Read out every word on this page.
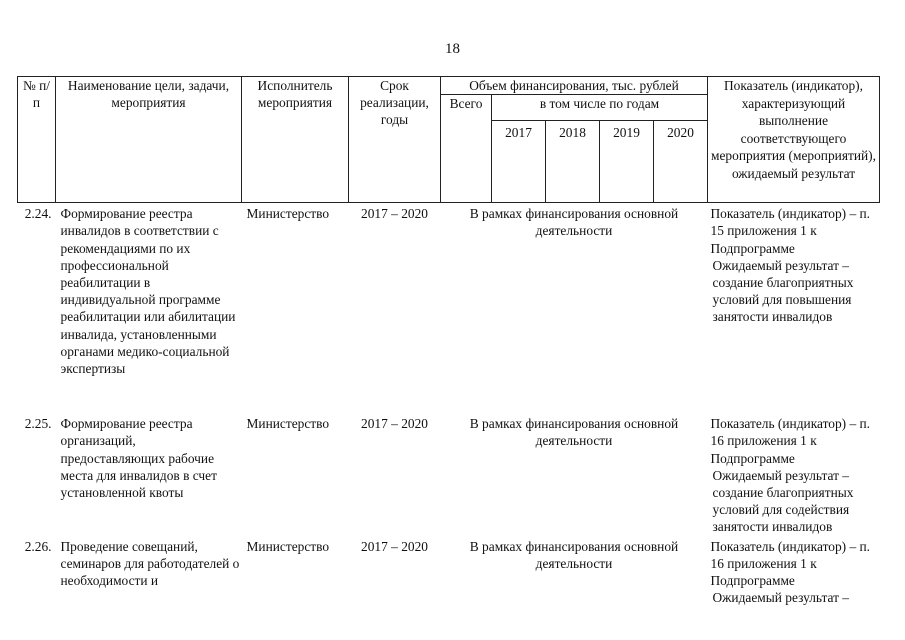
18
№ п/п	Наименование цели, задачи, мероприятия	Исполнитель мероприятия	Срок реализации, годы	Объем финансирования, тыс. рублей					Показатель (индикатор), характеризующий выполнение соответствующего мероприятия (мероприятий), ожидаемый результат
				Всего	в том числе по годам				
					2017	2018	2019	2020	
2.24.	Формирование реестра инвалидов в соответствии с рекомендациями по их профессиональной реабилитации в индивидуальной программе реабилитации или абилитации инвалида, установленными органами медико-социальной экспертизы	Министерство	2017 – 2020	В рамках финансирования основной деятельности					Показатель (индикатор) – п. 15 приложения 1 к Подпрограмме
Ожидаемый результат – создание благоприятных условий для повышения занятости инвалидов

2.25.	Формирование реестра организаций, предоставляющих рабочие места для инвалидов в счет установленной квоты	Министерство	2017 – 2020	В рамках финансирования основной деятельности					Показатель (индикатор) – п. 16 приложения 1 к Подпрограмме
Ожидаемый результат – создание благоприятных условий для содействия занятости инвалидов

2.26.	Проведение совещаний, семинаров для работодателей о необходимости и	Министерство	2017 – 2020	В рамках финансирования основной деятельности					Показатель (индикатор) – п. 16 приложения 1 к Подпрограмме
Ожидаемый результат –
